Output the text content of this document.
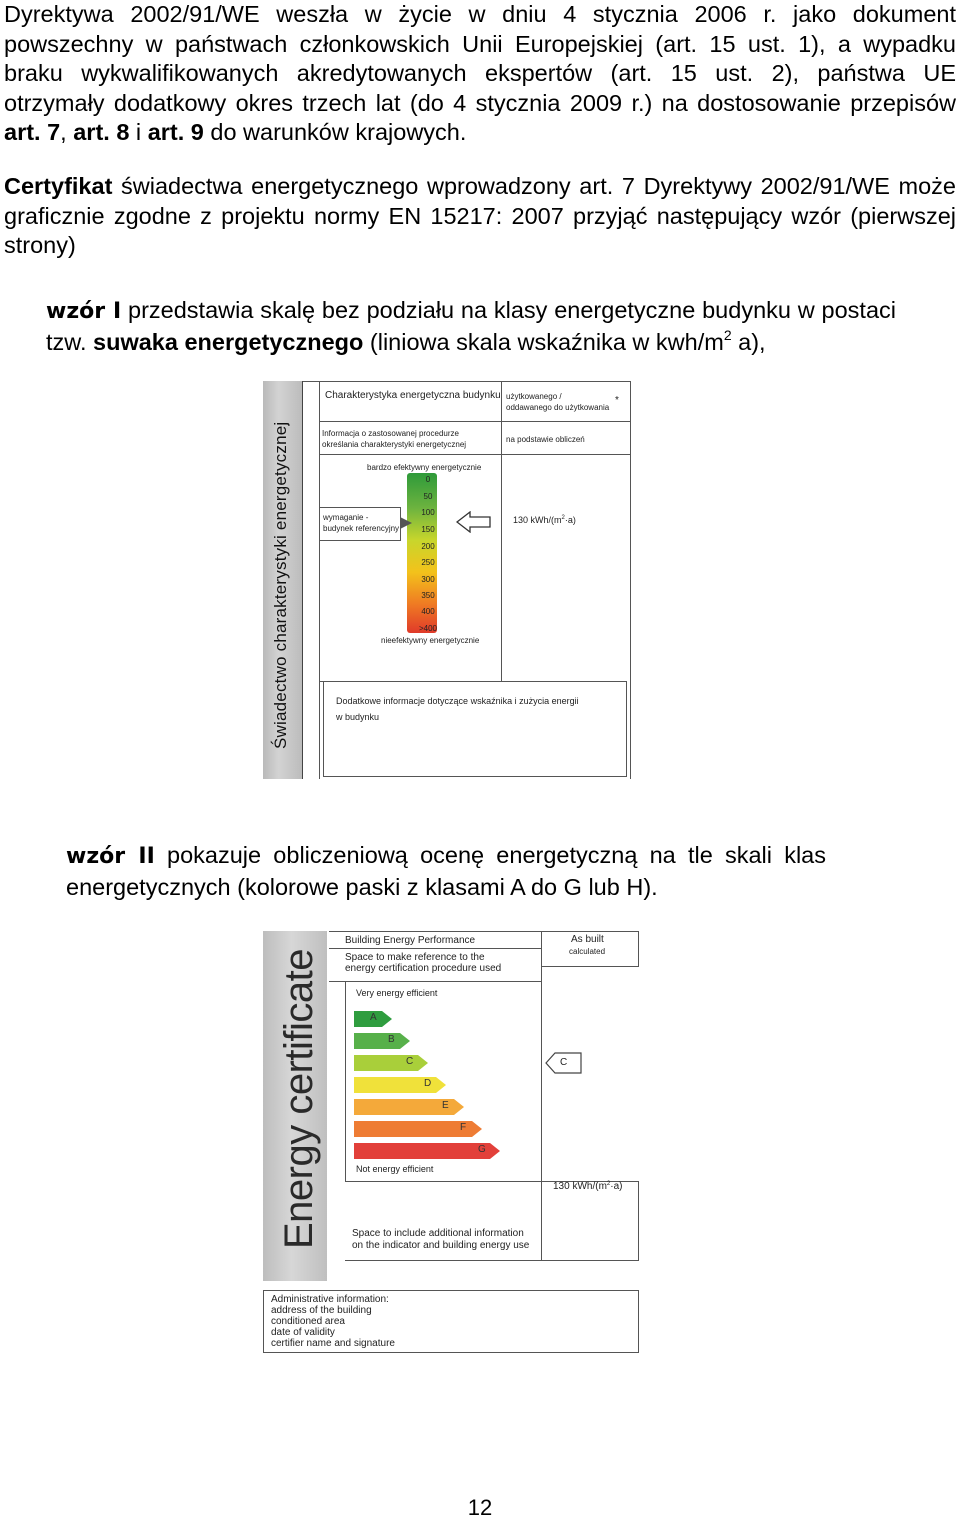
Dyrektywa 2002/91/WE weszła w życie w dniu 4 stycznia 2006 r. jako dokument powszechny w państwach członkowskich Unii Europejskiej (art. 15 ust. 1), a wypadku braku wykwalifikowanych akredytowanych ekspertów (art. 15 ust. 2), państwa UE otrzymały dodatkowy okres trzech lat (do 4 stycznia 2009 r.) na dostosowanie przepisów art. 7, art. 8 i art. 9 do warunków krajowych.
Certyfikat świadectwa energetycznego wprowadzony art. 7 Dyrektywy 2002/91/WE może graficznie zgodne z projektu normy EN 15217: 2007 przyjąć następujący wzór (pierwszej strony)
wzór I przedstawia skalę bez podziału na klasy energetyczne budynku w postaci tzw. suwaka energetycznego (liniowa skala wskaźnika w kwh/$m^2$ a),
Świadectwo charakterystyki energetycznej
Charakterystyka energetyczna budynku użytkowanego /
oddawanego do użytkowania
*
Informacja o zastosowanej procedurze
określania charakterystyki energetycznej
na podstawie obliczeń
bardzo efektywny energetycznie
0
50
100
150
200
250
300
350
400
>400
nieefektywny energetycznie
wymaganie -
budynek referencyjny
130 kWh/$(m^2\cdot a)$
Dodatkowe informacje dotyczące wskaźnika i zużycia energii
w budynku
wzór II pokazuje obliczeniową ocenę energetyczną na tle skali klas energetycznych (kolorowe paski z klasami A do G lub H).
Energy certificate
Building Energy Performance	As built
calculated
Space to make reference to the
energy certification procedure used
Very energy efficient
A
B
C
D
E
F
G
Not energy efficient
C
130 kWh/$(m^2\cdot a)$
Space to include additional information
on the indicator and building energy use
Administrative information:
address of the building
conditioned area
date of validity
certifier name and signature
12
